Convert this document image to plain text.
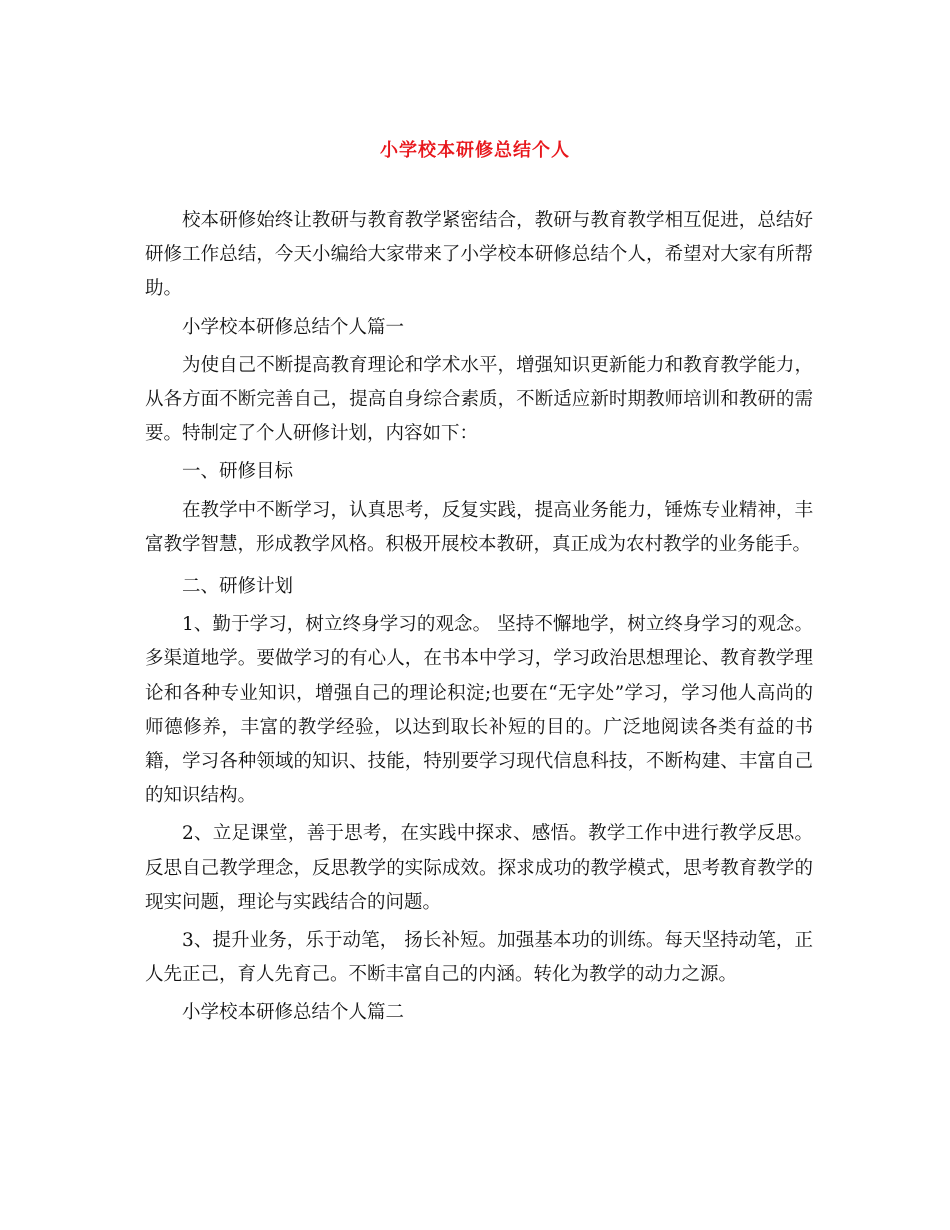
小学校本研修总结个人

校本研修始终让教研与教育教学紧密结合，教研与教育教学相互促进，总结好研修工作总结，今天小编给大家带来了小学校本研修总结个人，希望对大家有所帮助。

小学校本研修总结个人篇一

为使自己不断提高教育理论和学术水平，增强知识更新能力和教育教学能力，从各方面不断完善自己，提高自身综合素质，不断适应新时期教师培训和教研的需要。特制定了个人研修计划，内容如下：

一、研修目标

在教学中不断学习，认真思考，反复实践，提高业务能力，锤炼专业精神，丰富教学智慧，形成教学风格。积极开展校本教研，真正成为农村教学的业务能手。

二、研修计划

1、勤于学习，树立终身学习的观念。 坚持不懈地学，树立终身学习的观念。 多渠道地学。要做学习的有心人，在书本中学习，学习政治思想理论、教育教学理论和各种专业知识，增强自己的理论积淀;也要在“无字处”学习，学习他人高尚的师德修养，丰富的教学经验，以达到取长补短的目的。广泛地阅读各类有益的书籍，学习各种领域的知识、技能，特别要学习现代信息科技，不断构建、丰富自己的知识结构。

2、立足课堂，善于思考，在实践中探求、感悟。教学工作中进行教学反思。反思自己教学理念，反思教学的实际成效。探求成功的教学模式，思考教育教学的现实问题，理论与实践结合的问题。

3、提升业务，乐于动笔， 扬长补短。加强基本功的训练。每天坚持动笔，正人先正己，育人先育己。不断丰富自己的内涵。转化为教学的动力之源。

小学校本研修总结个人篇二
